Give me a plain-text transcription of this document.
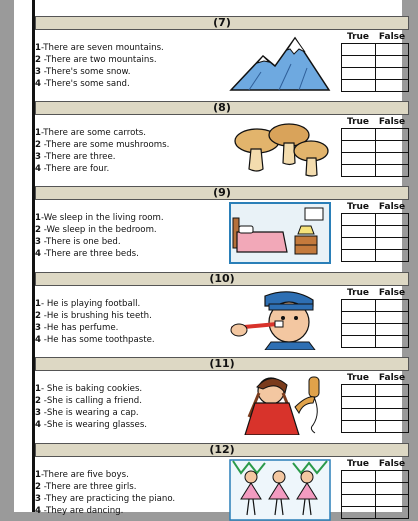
(7)
1-There are seven mountains.
2 -There are two mountains.
3 -There's some snow.
4 -There's some sand.
True False

(8)
1-There are some carrots.
2 -There are some mushrooms.
3 -There are three.
4 -There are four.
True False

(9)
1-We sleep in the living room.
2 -We sleep in the bedroom.
3 -There is one bed.
4 -There are three beds.
True False

(10)
1- He is playing football.
2 -He is brushing his teeth.
3 -He has perfume.
4 -He has some toothpaste.
True False

(11)
1- She is baking cookies.
2 -She is calling a friend.
3 -She is wearing a cap.
4 -She is wearing glasses.
True False

(12)
1-There are five boys.
2 -There are three girls.
3 -They are practicing the piano.
4 -They are dancing.
True False
